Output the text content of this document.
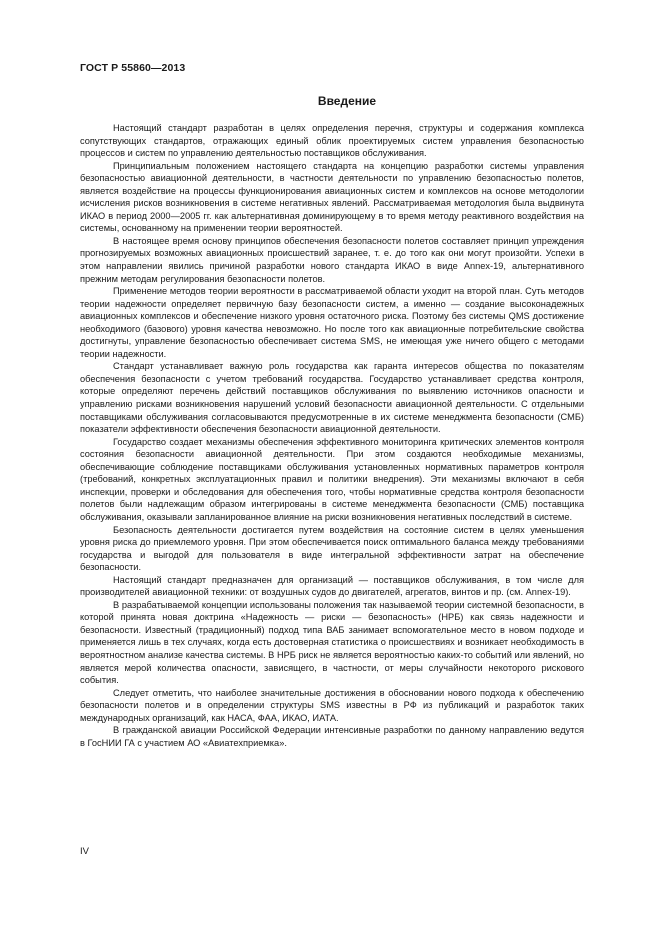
ГОСТ Р 55860—2013
Введение

Настоящий стандарт разработан в целях определения перечня, структуры и содержания комплекса сопутствующих стандартов, отражающих единый облик проектируемых систем управления безопасностью процессов и систем по управлению деятельностью поставщиков обслуживания.

Принципиальным положением настоящего стандарта на концепцию разработки системы управления безопасностью авиационной деятельности, в частности деятельности по управлению безопасностью полетов, является воздействие на процессы функционирования авиационных систем и комплексов на основе методологии исчисления рисков возникновения в системе негативных явлений. Рассматриваемая методология была выдвинута ИКАО в период 2000—2005 гг. как альтернативная доминирующему в то время методу реактивного воздействия на системы, основанному на применении теории вероятностей.

В настоящее время основу принципов обеспечения безопасности полетов составляет принцип упреждения прогнозируемых возможных авиационных происшествий заранее, т. е. до того как они могут произойти. Успехи в этом направлении явились причиной разработки нового стандарта ИКАО в виде Annex-19, альтернативного прежним методам регулирования безопасности полетов.

Применение методов теории вероятности в рассматриваемой области уходит на второй план. Суть методов теории надежности определяет первичную базу безопасности систем, а именно — создание высоконадежных авиационных комплексов и обеспечение низкого уровня остаточного риска. Поэтому без системы QMS достижение необходимого (базового) уровня качества невозможно. Но после того как авиационные потребительские свойства достигнуты, управление безопасностью обеспечивает система SMS, не имеющая уже ничего общего с методами теории надежности.

Стандарт устанавливает важную роль государства как гаранта интересов общества по показателям обеспечения безопасности с учетом требований государства. Государство устанавливает средства контроля, которые определяют перечень действий поставщиков обслуживания по выявлению источников опасности и управлению рисками возникновения нарушений условий безопасности авиационной деятельности. С отдельными поставщиками обслуживания согласовываются предусмотренные в их системе менеджмента безопасности (СМБ) показатели эффективности обеспечения безопасности авиационной деятельности.

Государство создает механизмы обеспечения эффективного мониторинга критических элементов контроля состояния безопасности авиационной деятельности. При этом создаются необходимые механизмы, обеспечивающие соблюдение поставщиками обслуживания установленных нормативных параметров контроля (требований, конкретных эксплуатационных правил и политики внедрения). Эти механизмы включают в себя инспекции, проверки и обследования для обеспечения того, чтобы нормативные средства контроля безопасности полетов были надлежащим образом интегрированы в системе менеджмента безопасности (СМБ) поставщика обслуживания, оказывали запланированное влияние на риски возникновения негативных последствий в системе.

Безопасность деятельности достигается путем воздействия на состояние систем в целях уменьшения уровня риска до приемлемого уровня. При этом обеспечивается поиск оптимального баланса между требованиями государства и выгодой для пользователя в виде интегральной эффективности затрат на обеспечение безопасности.

Настоящий стандарт предназначен для организаций — поставщиков обслуживания, в том числе для производителей авиационной техники: от воздушных судов до двигателей, агрегатов, винтов и пр. (см. Annex-19).

В разрабатываемой концепции использованы положения так называемой теории системной безопасности, в которой принята новая доктрина «Надежность — риски — безопасность» (НРБ) как связь надежности и безопасности. Известный (традиционный) подход типа ВАБ занимает вспомогательное место в новом подходе и применяется лишь в тех случаях, когда есть достоверная статистика о происшествиях и возникает необходимость в вероятностном анализе качества системы. В НРБ риск не является вероятностью каких-то событий или явлений, но является мерой количества опасности, зависящего, в частности, от меры случайности некоторого рискового события.

Следует отметить, что наиболее значительные достижения в обосновании нового подхода к обеспечению безопасности полетов и в определении структуры SMS известны в РФ из публикаций и разработок таких международных организаций, как НАСА, ФАА, ИКАО, ИАТА.

В гражданской авиации Российской Федерации интенсивные разработки по данному направлению ведутся в ГосНИИ ГА с участием АО «Авиатехприемка».

IV
